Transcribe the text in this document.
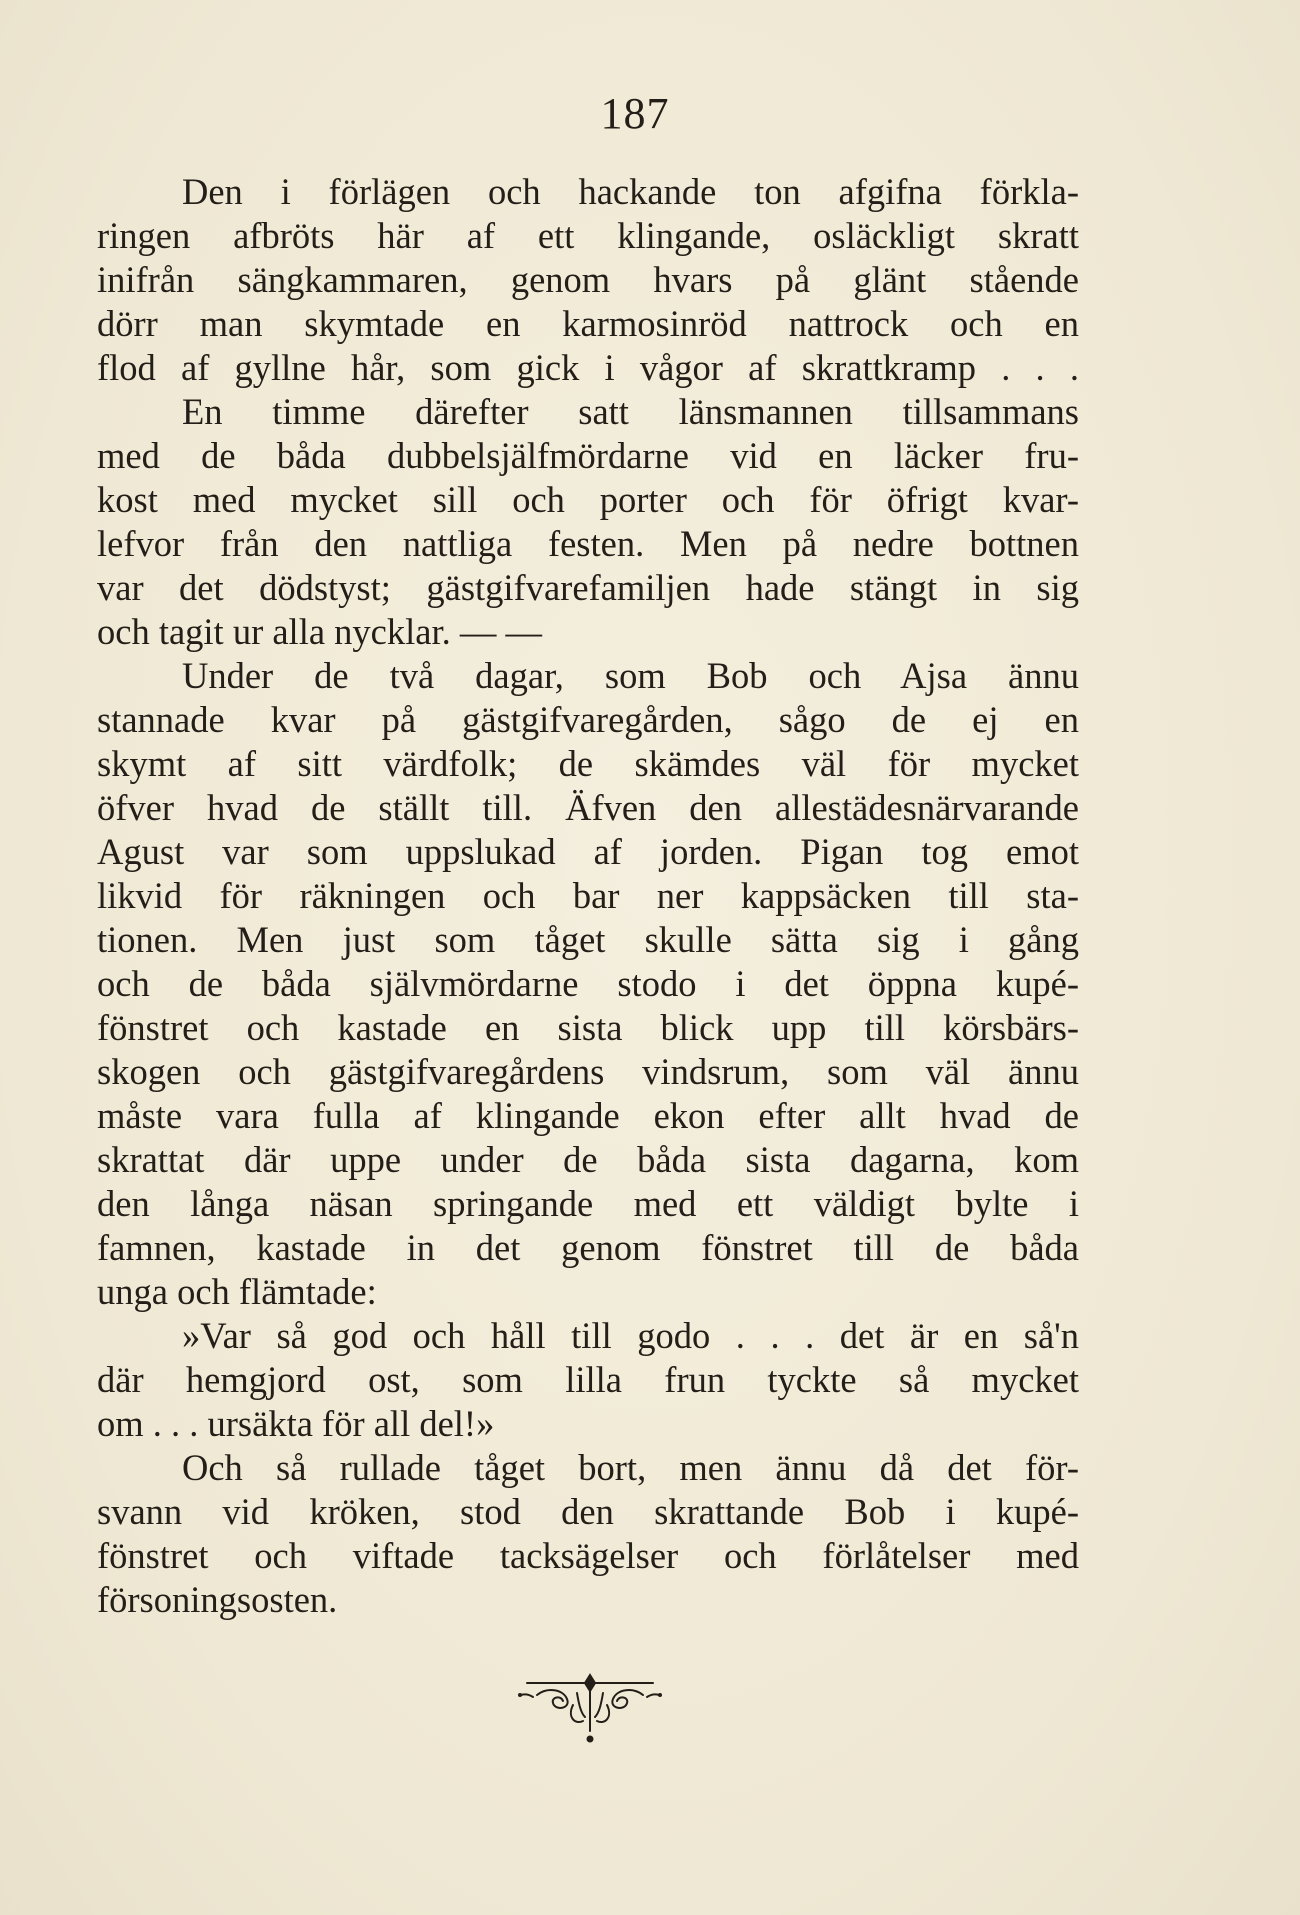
187
Den i förlägen och hackande ton afgifna förkla-
ringen afbröts här af ett klingande, osläckligt skratt
inifrån sängkammaren, genom hvars på glänt stående
dörr man skymtade en karmosinröd nattrock och en
flod af gyllne hår, som gick i vågor af skrattkramp . . .
En timme därefter satt länsmannen tillsammans
med de båda dubbelsjälfmördarne vid en läcker fru-
kost med mycket sill och porter och för öfrigt kvar-
lefvor från den nattliga festen. Men på nedre bottnen
var det dödstyst; gästgifvarefamiljen hade stängt in sig
och tagit ur alla nycklar. — —
Under de två dagar, som Bob och Ajsa ännu
stannade kvar på gästgifvaregården, sågo de ej en
skymt af sitt värdfolk; de skämdes väl för mycket
öfver hvad de ställt till. Äfven den allestädesnärvarande
Agust var som uppslukad af jorden. Pigan tog emot
likvid för räkningen och bar ner kappsäcken till sta-
tionen. Men just som tåget skulle sätta sig i gång
och de båda självmördarne stodo i det öppna kupé-
fönstret och kastade en sista blick upp till körsbärs-
skogen och gästgifvaregårdens vindsrum, som väl ännu
måste vara fulla af klingande ekon efter allt hvad de
skrattat där uppe under de båda sista dagarna, kom
den långa näsan springande med ett väldigt bylte i
famnen, kastade in det genom fönstret till de båda
unga och flämtade:
»Var så god och håll till godo . . . det är en så'n
där hemgjord ost, som lilla frun tyckte så mycket
om . . . ursäkta för all del!»
Och så rullade tåget bort, men ännu då det för-
svann vid kröken, stod den skrattande Bob i kupé-
fönstret och viftade tacksägelser och förlåtelser med
försoningsosten.
